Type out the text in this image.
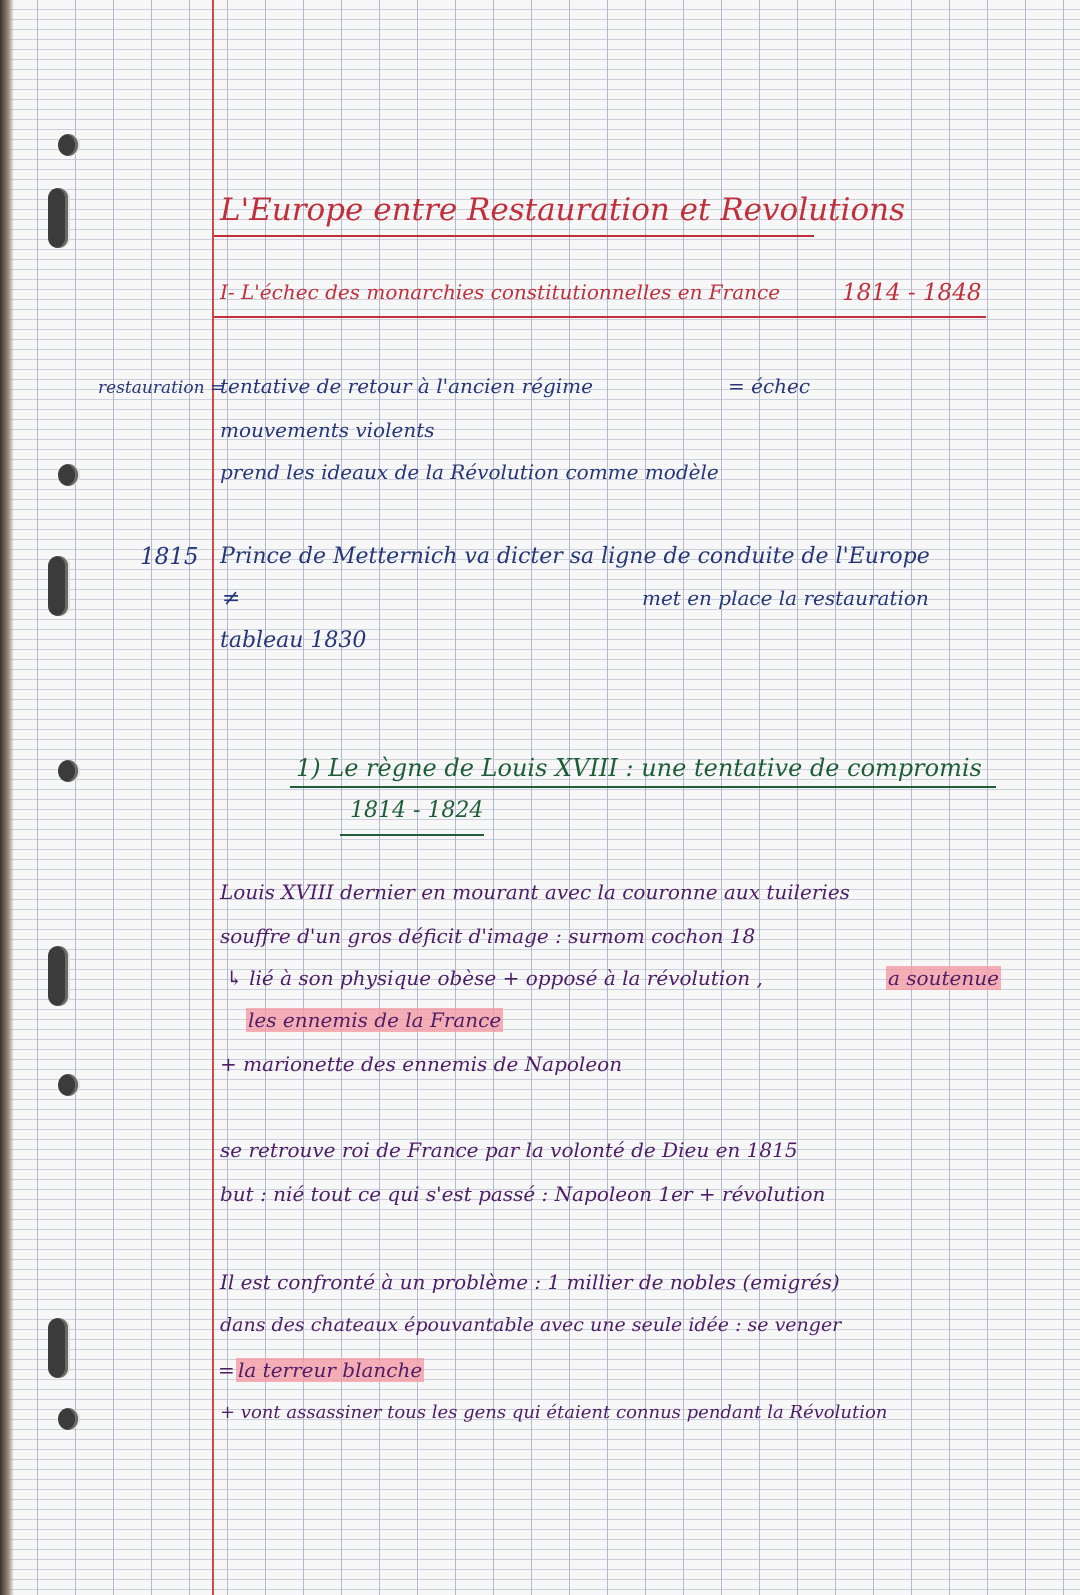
L'Europe entre Restauration et Revolutions
I- L'échec des monarchies constitutionnelles en France	1814 - 1848
restauration =
tentative de retour à l'ancien régime	= échec
mouvements violents
prend les ideaux de la Révolution comme modèle
1815 Prince de Metternich va dicter sa ligne de conduite de l'Europe
≠	met en place la restauration
tableau 1830
1) Le règne de Louis XVIII : une tentative de compromis
1814 - 1824
Louis XVIII dernier en mourant avec la couronne aux tuileries
souffre d'un gros déficit d'image : surnom cochon 18
↳ lié à son physique obèse + opposé à la révolution ,	a soutenue
les ennemis de la France
+ marionette des ennemis de Napoleon
se retrouve roi de France par la volonté de Dieu en 1815
but : nié tout ce qui s'est passé : Napoleon 1er + révolution
Il est confronté à un problème : 1 millier de nobles (emigrés)
dans des chateaux épouvantable avec une seule idée : se venger
= la terreur blanche
+ vont assassiner tous les gens qui étaient connus pendant la Révolution
